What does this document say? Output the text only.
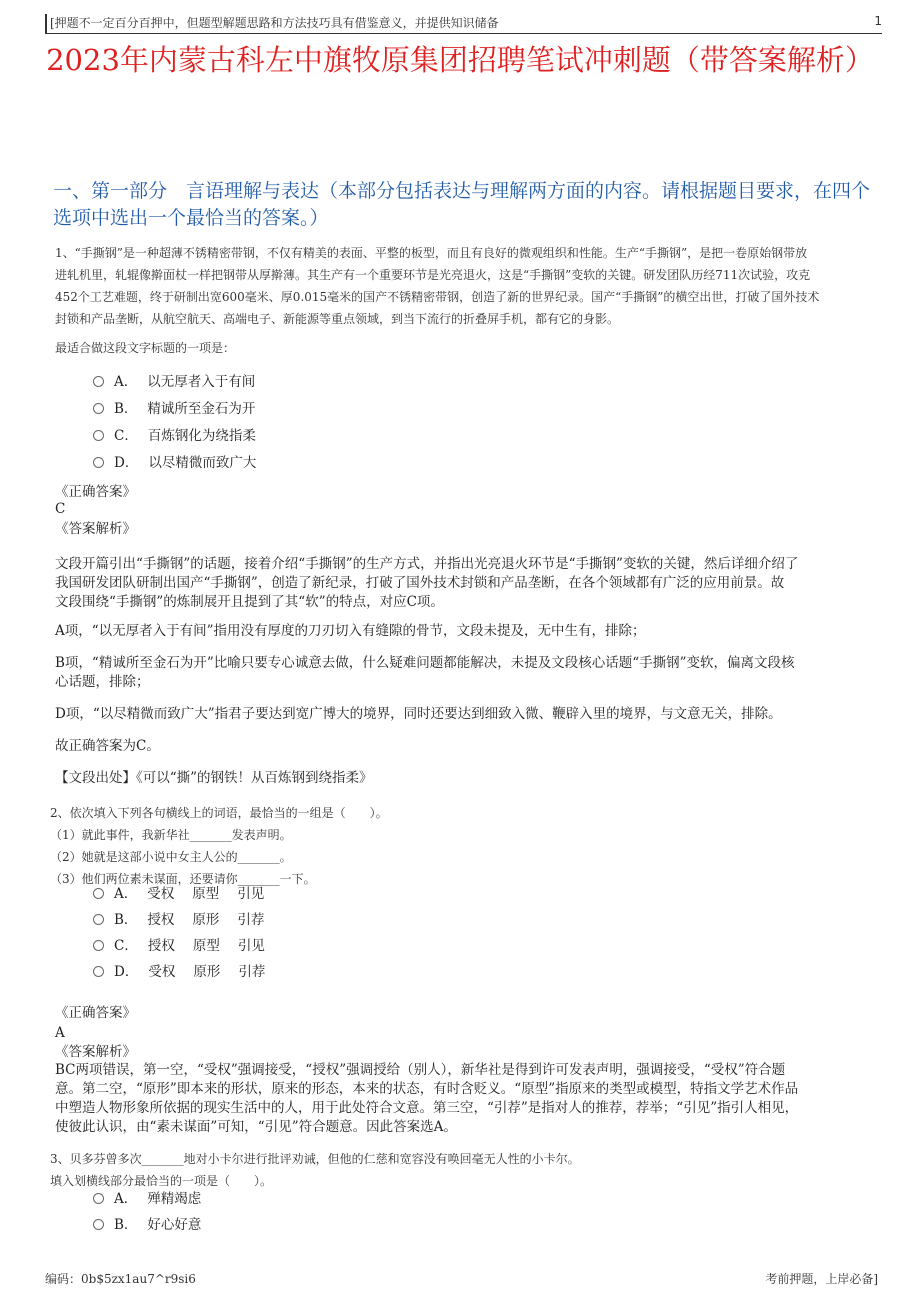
[押题不一定百分百押中，但题型解题思路和方法技巧具有借鉴意义，并提供知识储备	1
2023年内蒙古科左中旗牧原集团招聘笔试冲刺题（带答案解析）
一、第一部分　言语理解与表达（本部分包括表达与理解两方面的内容。请根据题目要求，在四个选项中选出一个最恰当的答案。）
1、“手撕钢”是一种超薄不锈精密带钢，不仅有精美的表面、平整的板型，而且有良好的微观组织和性能。生产“手撕钢”，是把一卷原始钢带放
进轧机里，轧辊像擀面杖一样把钢带从厚擀薄。其生产有一个重要环节是光亮退火，这是“手撕钢”变软的关键。研发团队历经711次试验，攻克
452个工艺难题，终于研制出宽600毫米、厚0.015毫米的国产不锈精密带钢，创造了新的世界纪录。国产“手撕钢”的横空出世，打破了国外技术
封锁和产品垄断，从航空航天、高端电子、新能源等重点领域，到当下流行的折叠屏手机，都有它的身影。
最适合做这段文字标题的一项是：
A． 以无厚者入于有间
B． 精诚所至金石为开
C． 百炼钢化为绕指柔
D． 以尽精微而致广大
《正确答案》
C
《答案解析》
文段开篇引出“手撕钢”的话题，接着介绍“手撕钢”的生产方式，并指出光亮退火环节是“手撕钢”变软的关键，然后详细介绍了
我国研发团队研制出国产“手撕钢”，创造了新纪录，打破了国外技术封锁和产品垄断，在各个领域都有广泛的应用前景。故
文段围绕“手撕钢”的炼制展开且提到了其“软”的特点，对应C项。
A项，“以无厚者入于有间”指用没有厚度的刀刃切入有缝隙的骨节，文段未提及，无中生有，排除；
B项，“精诚所至金石为开”比喻只要专心诚意去做，什么疑难问题都能解决，未提及文段核心话题“手撕钢”变软，偏离文段核
心话题，排除；
D项，“以尽精微而致广大”指君子要达到宽广博大的境界，同时还要达到细致入微、鞭辟入里的境界，与文意无关，排除。
故正确答案为C。
【文段出处】《可以“撕”的钢铁！从百炼钢到绕指柔》
2、依次填入下列各句横线上的词语，最恰当的一组是（　　）。
（1）就此事件，我新华社_______发表声明。
（2）她就是这部小说中女主人公的_______。
（3）他们两位素未谋面，还要请你_______一下。
A． 受权 原型 引见
B． 授权 原形 引荐
C． 授权 原型 引见
D． 受权 原形 引荐
《正确答案》
A
《答案解析》
BC两项错误，第一空，“受权”强调接受，“授权”强调授给（别人），新华社是得到许可发表声明，强调接受，“受权”符合题
意。第二空，“原形”即本来的形状，原来的形态，本来的状态，有时含贬义。“原型”指原来的类型或模型，特指文学艺术作品
中塑造人物形象所依据的现实生活中的人，用于此处符合文意。第三空，“引荐”是指对人的推荐，荐举；“引见”指引人相见，
使彼此认识，由“素未谋面”可知，“引见”符合题意。因此答案选A。
3、贝多芬曾多次_______地对小卡尔进行批评劝诫，但他的仁慈和宽容没有唤回毫无人性的小卡尔。
填入划横线部分最恰当的一项是（　　）。
A． 殚精竭虑
B． 好心好意
编码：0b$5zx1au7^r9si6	考前押题，上岸必备]
